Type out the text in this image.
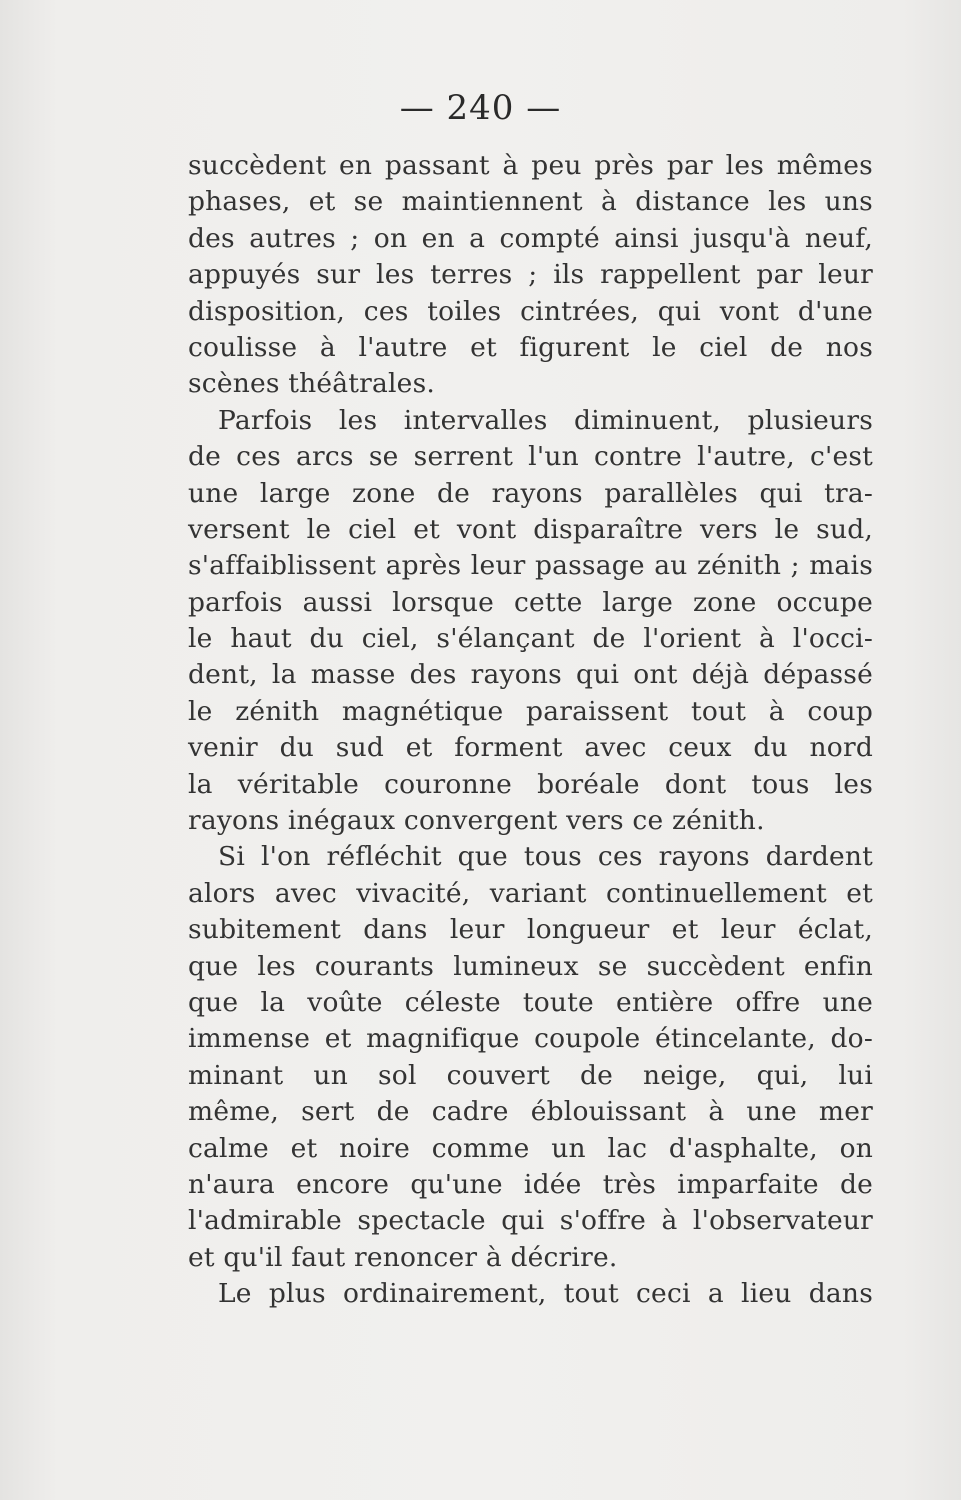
— 240 —
succèdent en passant à peu près par les mêmes
phases, et se maintiennent à distance les uns
des autres ; on en a compté ainsi jusqu'à neuf,
appuyés sur les terres ; ils rappellent par leur
disposition, ces toiles cintrées, qui vont d'une
coulisse à l'autre et figurent le ciel de nos
scènes théâtrales.
Parfois les intervalles diminuent, plusieurs
de ces arcs se serrent l'un contre l'autre, c'est
une large zone de rayons parallèles qui tra-
versent le ciel et vont disparaître vers le sud,
s'affaiblissent après leur passage au zénith ; mais
parfois aussi lorsque cette large zone occupe
le haut du ciel, s'élançant de l'orient à l'occi-
dent, la masse des rayons qui ont déjà dépassé
le zénith magnétique paraissent tout à coup
venir du sud et forment avec ceux du nord
la véritable couronne boréale dont tous les
rayons inégaux convergent vers ce zénith.
Si l'on réfléchit que tous ces rayons dardent
alors avec vivacité, variant continuellement et
subitement dans leur longueur et leur éclat,
que les courants lumineux se succèdent enfin
que la voûte céleste toute entière offre une
immense et magnifique coupole étincelante, do-
minant un sol couvert de neige, qui, lui
même, sert de cadre éblouissant à une mer
calme et noire comme un lac d'asphalte, on
n'aura encore qu'une idée très imparfaite de
l'admirable spectacle qui s'offre à l'observateur
et qu'il faut renoncer à décrire.
Le plus ordinairement, tout ceci a lieu dans
